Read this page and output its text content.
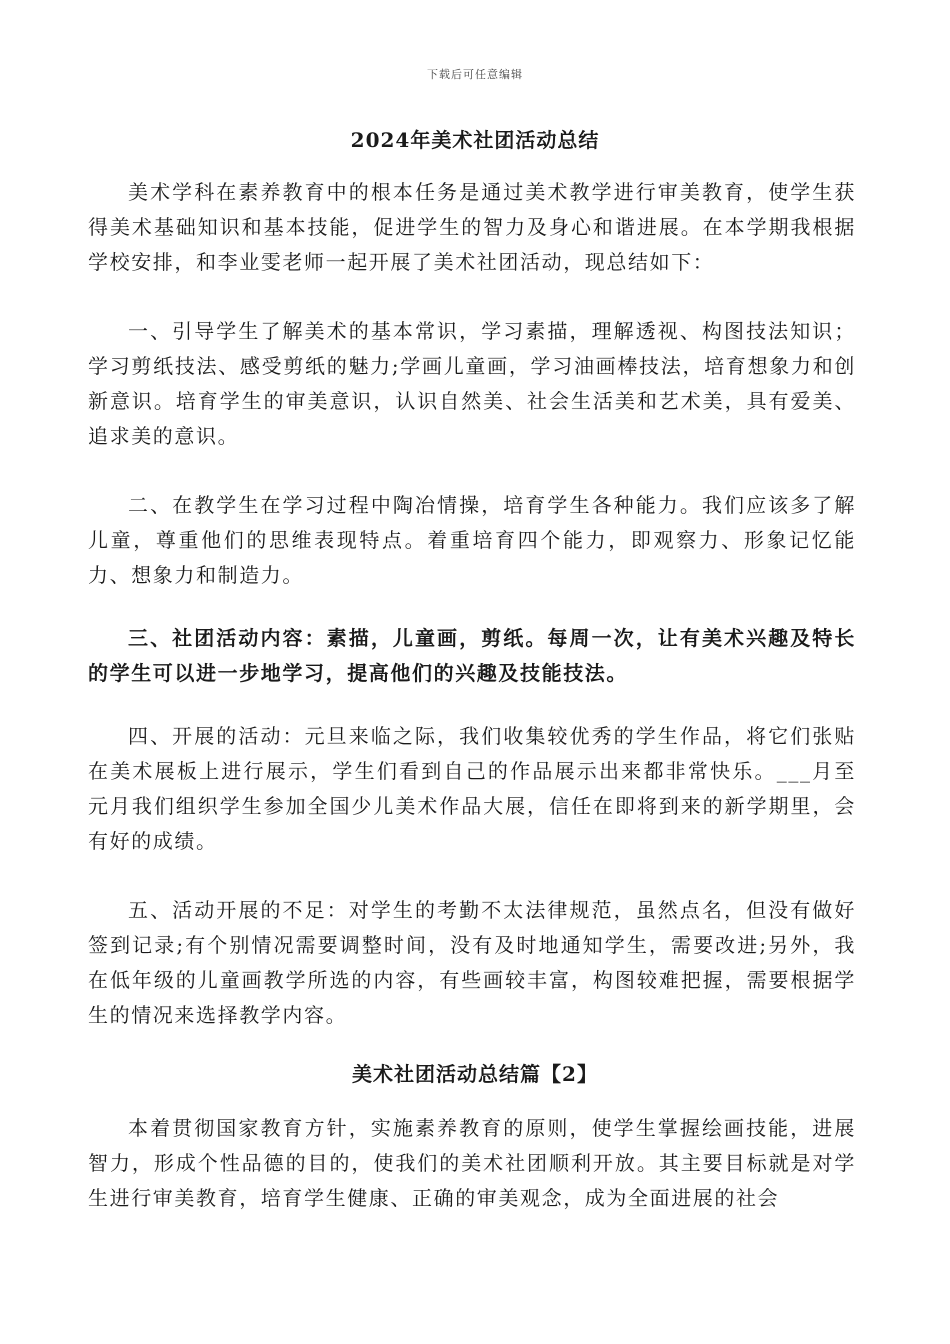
下载后可任意编辑
2024年美术社团活动总结

美术学科在素养教育中的根本任务是通过美术教学进行审美教育，使学生获得美术基础知识和基本技能，促进学生的智力及身心和谐进展。在本学期我根据学校安排，和李业雯老师一起开展了美术社团活动，现总结如下：

一、引导学生了解美术的基本常识，学习素描，理解透视、构图技法知识；学习剪纸技法、感受剪纸的魅力;学画儿童画，学习油画棒技法，培育想象力和创新意识。培育学生的审美意识，认识自然美、社会生活美和艺术美，具有爱美、追求美的意识。

二、在教学生在学习过程中陶冶情操，培育学生各种能力。我们应该多了解儿童，尊重他们的思维表现特点。着重培育四个能力，即观察力、形象记忆能力、想象力和制造力。

三、社团活动内容：素描，儿童画，剪纸。每周一次，让有美术兴趣及特长的学生可以进一步地学习，提高他们的兴趣及技能技法。

四、开展的活动：元旦来临之际，我们收集较优秀的学生作品，将它们张贴在美术展板上进行展示，学生们看到自己的作品展示出来都非常快乐。___月至元月我们组织学生参加全国少儿美术作品大展，信任在即将到来的新学期里，会有好的成绩。

五、活动开展的不足：对学生的考勤不太法律规范，虽然点名，但没有做好签到记录;有个别情况需要调整时间，没有及时地通知学生，需要改进;另外，我在低年级的儿童画教学所选的内容，有些画较丰富，构图较难把握，需要根据学生的情况来选择教学内容。

美术社团活动总结篇【2】

本着贯彻国家教育方针，实施素养教育的原则，使学生掌握绘画技能，进展智力，形成个性品德的目的，使我们的美术社团顺利开放。其主要目标就是对学生进行审美教育，培育学生健康、正确的审美观念，成为全面进展的社会
